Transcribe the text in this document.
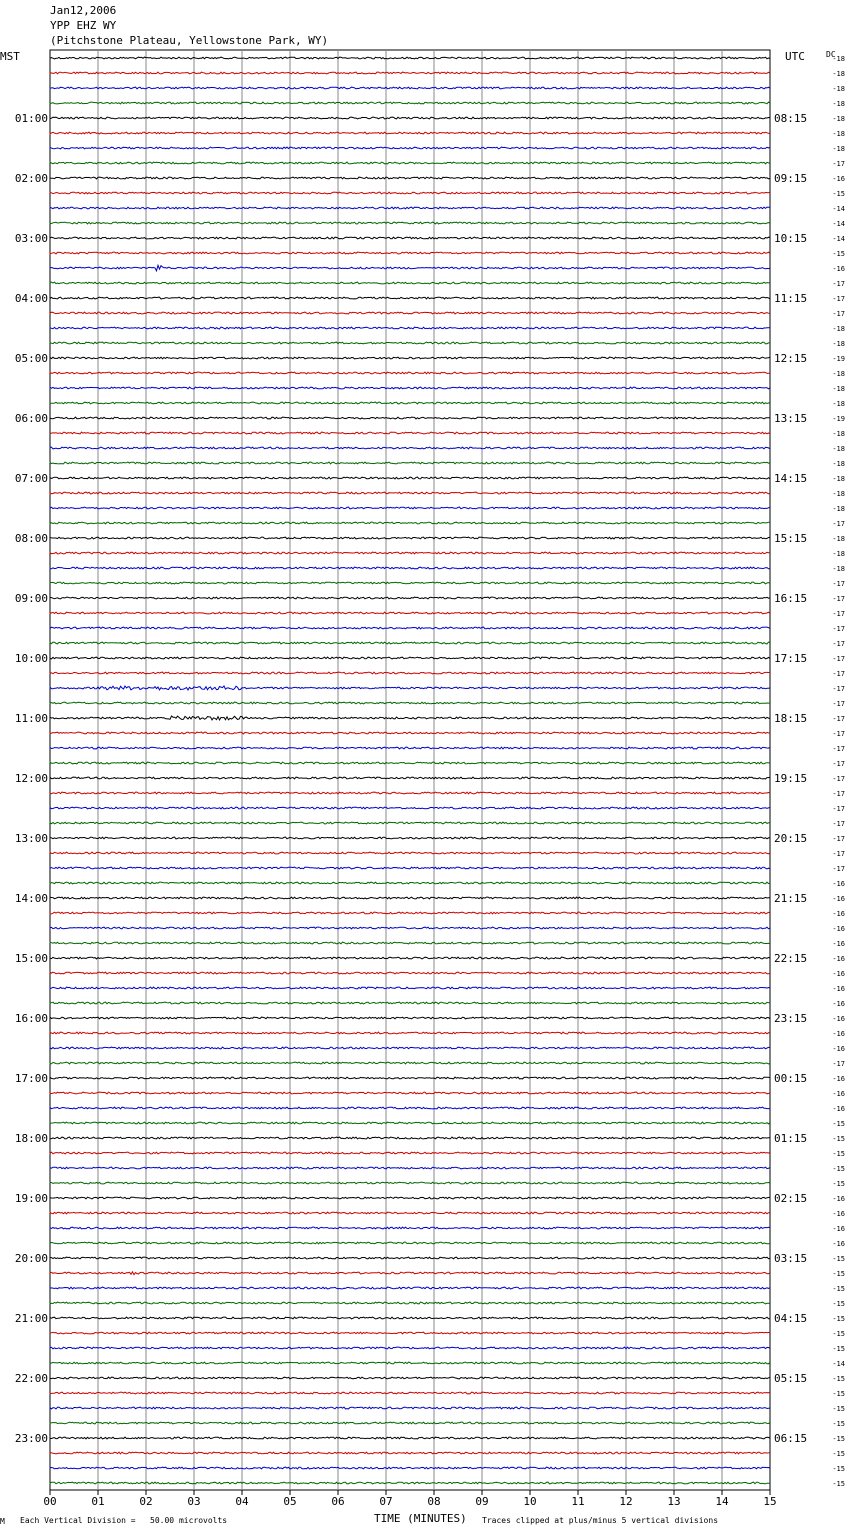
Jan12,2006
YPP EHZ WY
(Pitchstone Plateau, Yellowstone Park, WY)
MST	UTC	DC
01:00
02:00
03:00
04:00
05:00
06:00
07:00
08:00
09:00
10:00
11:00
12:00
13:00
14:00
15:00
16:00
17:00
18:00
19:00
20:00
21:00
22:00
23:00
08:15
09:15
10:15
11:15
12:15
13:15
14:15
15:15
16:15
17:15
18:15
19:15
20:15
21:15
22:15
23:15
00:15
01:15
02:15
03:15
04:15
05:15
06:15
-18
-18
-18
-18
-18
-18
-18
-17
-16
-15
-14
-14
-14
-15
-16
-17
-17
-17
-18
-18
-19
-18
-18
-18
-19
-18
-18
-18
-18
-18
-18
-17
-18
-18
-18
-17
-17
-17
-17
-17
-17
-17
-17
-17
-17
-17
-17
-17
-17
-17
-17
-17
-17
-17
-17
-16
-16
-16
-16
-16
-16
-16
-16
-16
-16
-16
-16
-17
-16
-16
-16
-15
-15
-15
-15
-15
-16
-16
-16
-16
-15
-15
-15
-15
-15
-15
-15
-14
-15
-15
-15
-15
-15
-15
-15
-15
00	01	02	03	04	05	06	07	08	09	10	11	12	13	14	15
M Each Vertical Division =   50.00 microvolts	TIME (MINUTES) Traces clipped at plus/minus 5 vertical divisions
